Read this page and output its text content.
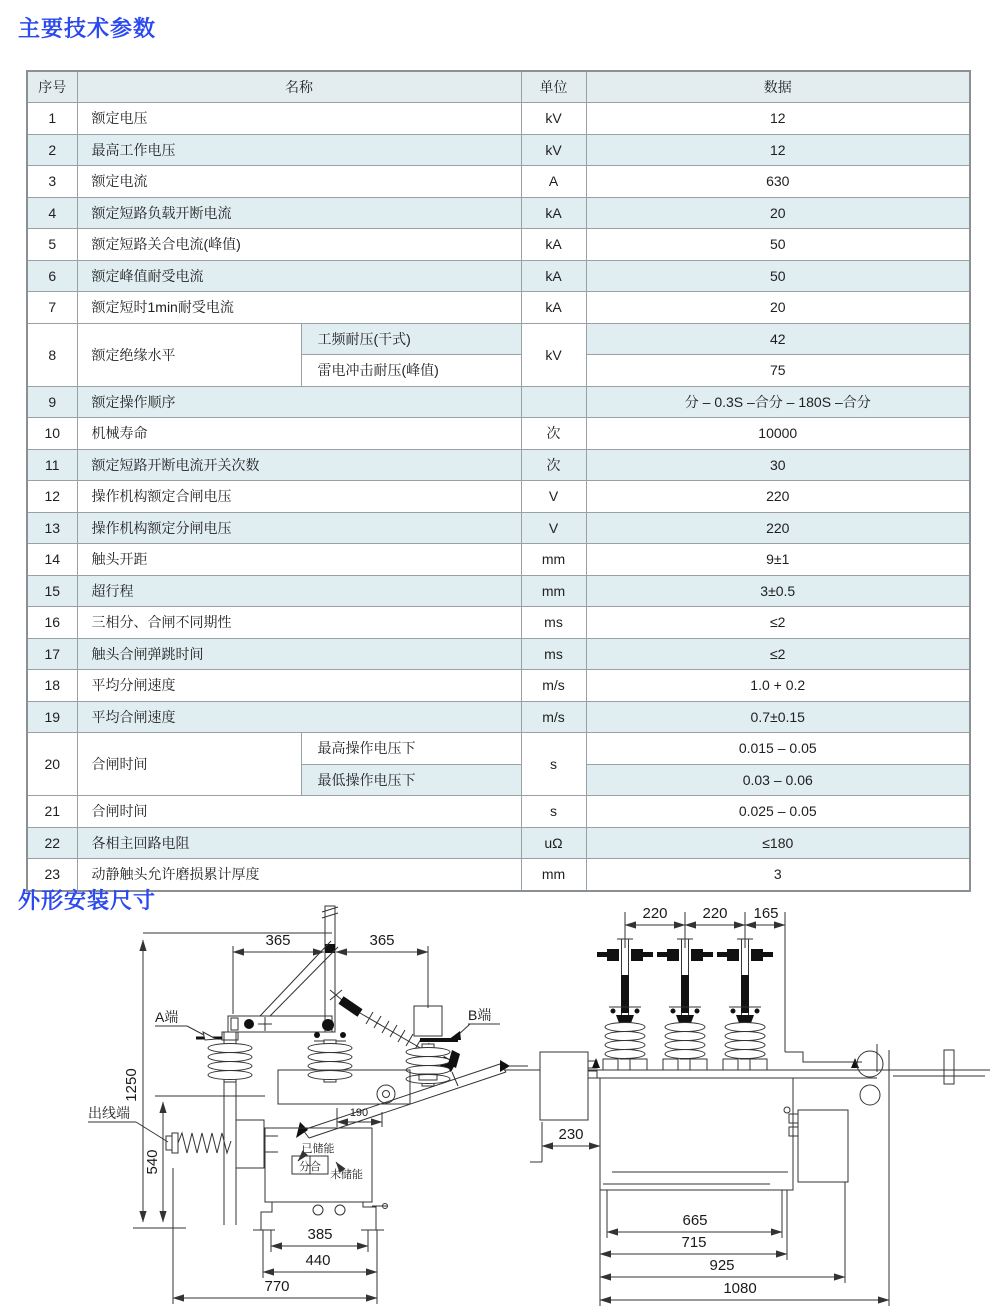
主要技术参数
序号	名称		单位	数据
1	额定电压		kV	12
2	最高工作电压		kV	12
3	额定电流		A	630
4	额定短路负载开断电流		kA	20
5	额定短路关合电流(峰值)		kA	50
6	额定峰值耐受电流		kA	50
7	额定短时1min耐受电流		kA	20
8	额定绝缘水平	工频耐压(干式)	kV	42
		雷电冲击耐压(峰值)		75
9	额定操作顺序			分 – 0.3S –合分 – 180S –合分
10	机械寿命		次	10000
11	额定短路开断电流开关次数		次	30
12	操作机构额定合闸电压		V	220
13	操作机构额定分闸电压		V	220
14	触头开距		mm	9±1
15	超行程		mm	3±0.5
16	三相分、合闸不同期性		ms	≤2
17	触头合闸弹跳时间		ms	≤2
18	平均分闸速度		m/s	1.0 + 0.2
19	平均合闸速度		m/s	0.7±0.15
20	合闸时间	最高操作电压下	s	0.015 – 0.05
		最低操作电压下		0.03 – 0.06
21	合闸时间		s	0.025 – 0.05
22	各相主回路电阻		uΩ	≤180
23	动静触头允许磨损累计厚度		mm	3
外形安装尺寸
A端	B端
190
分合
已储能
未储能
出线端
1250
540
365	365
385
440
770
220 220 165
230
665
715
925
1080
